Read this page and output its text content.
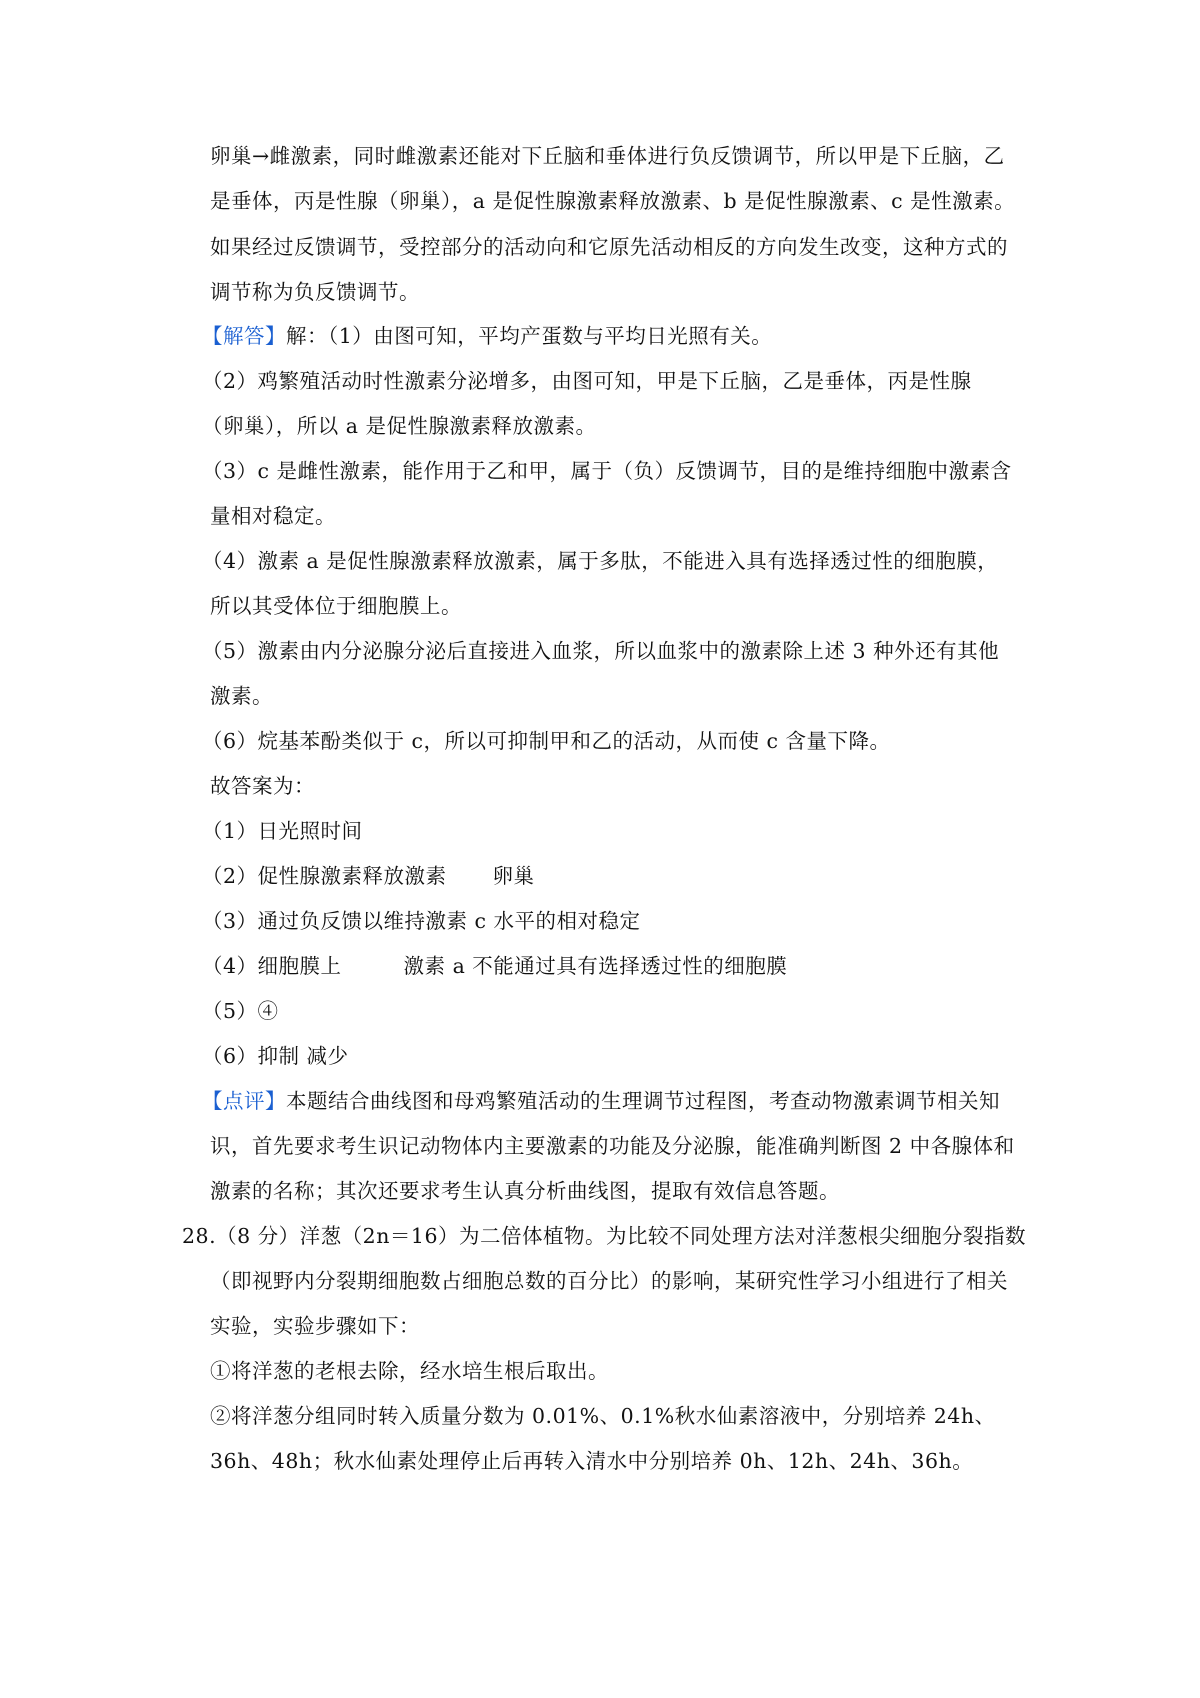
卵巢→雌激素，同时雌激素还能对下丘脑和垂体进行负反馈调节，所以甲是下丘脑，乙
是垂体，丙是性腺（卵巢），a 是促性腺激素释放激素、b 是促性腺激素、c 是性激素。
如果经过反馈调节，受控部分的活动向和它原先活动相反的方向发生改变，这种方式的
调节称为负反馈调节。
【解答】解：（1）由图可知，平均产蛋数与平均日光照有关。
（2）鸡繁殖活动时性激素分泌增多，由图可知，甲是下丘脑，乙是垂体，丙是性腺
（卵巢），所以 a 是促性腺激素释放激素。
（3）c 是雌性激素，能作用于乙和甲，属于（负）反馈调节，目的是维持细胞中激素含
量相对稳定。
（4）激素 a 是促性腺激素释放激素，属于多肽，不能进入具有选择透过性的细胞膜，
所以其受体位于细胞膜上。
（5）激素由内分泌腺分泌后直接进入血浆，所以血浆中的激素除上述 3 种外还有其他
激素。
（6）烷基苯酚类似于 c，所以可抑制甲和乙的活动，从而使 c 含量下降。
故答案为：
（1）日光照时间
（2）促性腺激素释放激素 卵巢
（3）通过负反馈以维持激素 c 水平的相对稳定
（4）细胞膜上	激素 a 不能通过具有选择透过性的细胞膜
（5）④
（6）抑制 减少
【点评】本题结合曲线图和母鸡繁殖活动的生理调节过程图，考查动物激素调节相关知
识，首先要求考生识记动物体内主要激素的功能及分泌腺，能准确判断图 2 中各腺体和
激素的名称；其次还要求考生认真分析曲线图，提取有效信息答题。
28.（8 分）洋葱（2n＝16）为二倍体植物。为比较不同处理方法对洋葱根尖细胞分裂指数
（即视野内分裂期细胞数占细胞总数的百分比）的影响，某研究性学习小组进行了相关
实验，实验步骤如下：
①将洋葱的老根去除，经水培生根后取出。
②将洋葱分组同时转入质量分数为 0.01%、0.1%秋水仙素溶液中，分别培养 24h、
36h、48h；秋水仙素处理停止后再转入清水中分别培养 0h、12h、24h、36h。
